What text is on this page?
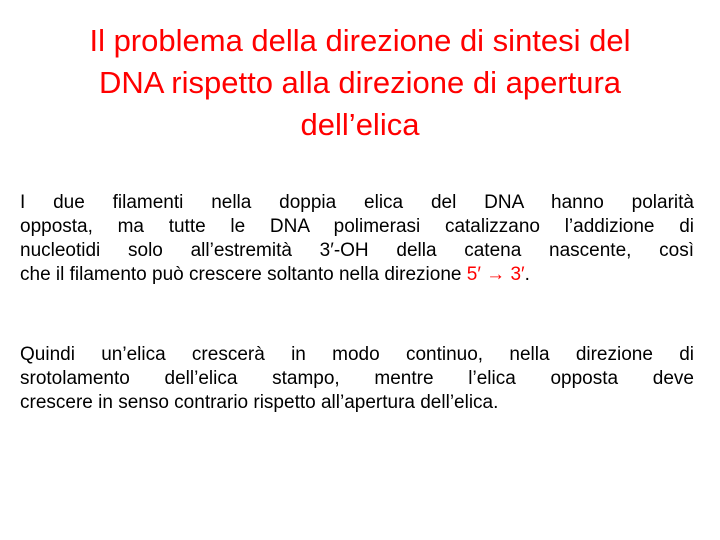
Il problema della direzione di sintesi del
DNA rispetto alla direzione di apertura
dell’elica
I due filamenti nella doppia elica del DNA hanno polarità
opposta, ma tutte le DNA polimerasi catalizzano l’addizione di
nucleotidi solo all’estremità 3′-OH della catena nascente, così
che il filamento può crescere soltanto nella direzione 5′ → 3′.
Quindi un’elica crescerà in modo continuo, nella direzione di
srotolamento dell’elica stampo, mentre l’elica opposta deve
crescere in senso contrario rispetto all’apertura dell’elica.
